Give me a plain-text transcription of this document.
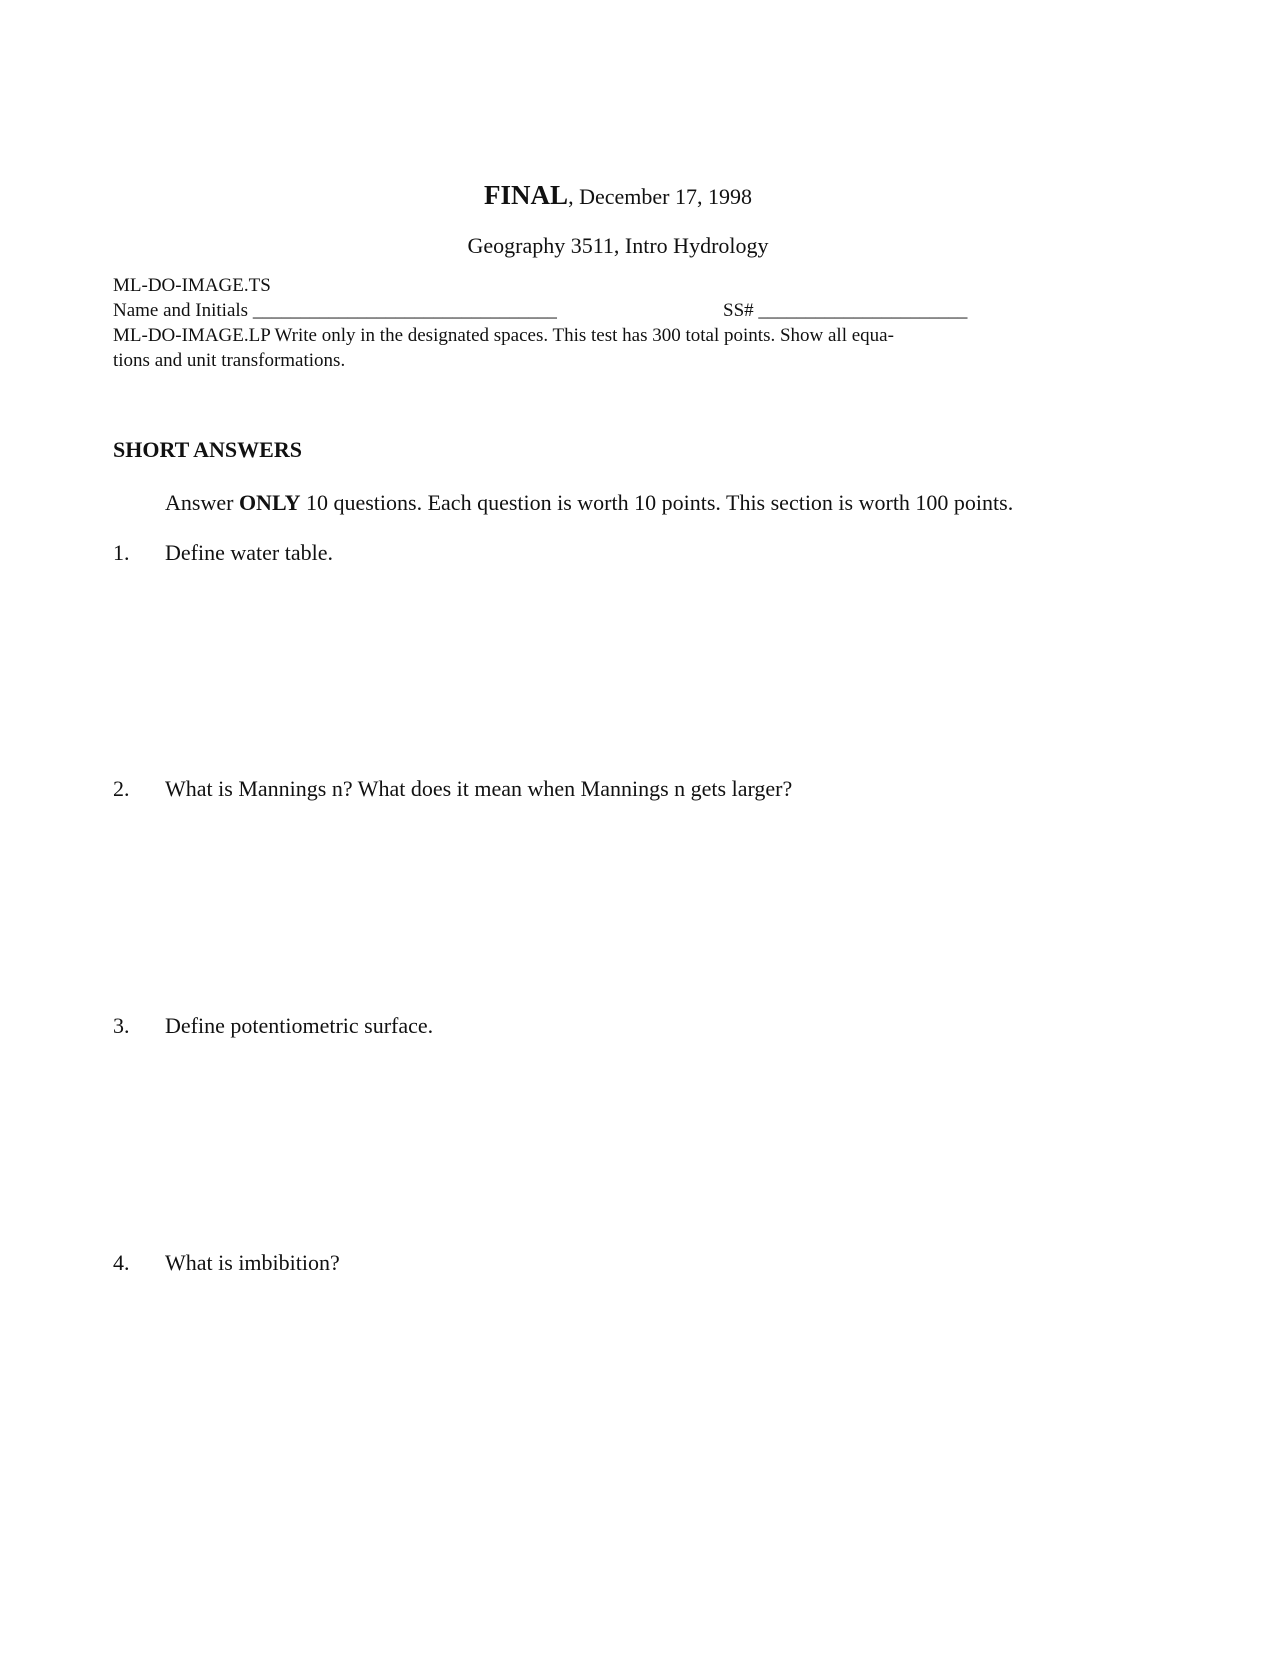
FINAL, December 17, 1998
Geography 3511, Intro Hydrology
ML-DO-IMAGE.TS
Name and Initials ________________________________	SS# ______________________
ML-DO-IMAGE.LP Write only in the designated spaces. This test has 300 total points. Show all equa-
tions and unit transformations.
SHORT ANSWERS
Answer ONLY 10 questions. Each question is worth 10 points. This section is worth 100 points.
1. Define water table.
2. What is Mannings n? What does it mean when Mannings n gets larger?
3. Define potentiometric surface.
4. What is imbibition?
